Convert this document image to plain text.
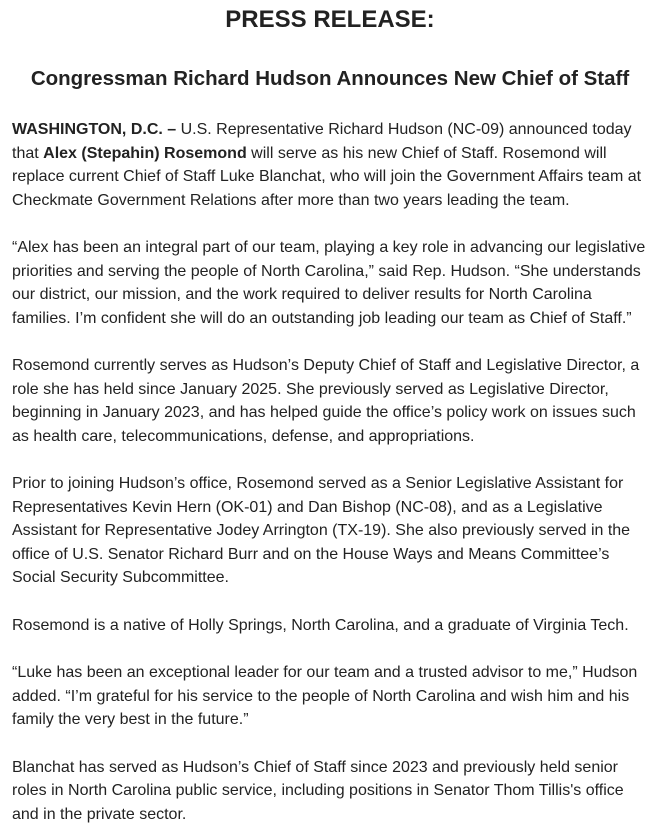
PRESS RELEASE:
Congressman Richard Hudson Announces New Chief of Staff

WASHINGTON, D.C. – U.S. Representative Richard Hudson (NC-09) announced today that Alex (Stepahin) Rosemond will serve as his new Chief of Staff. Rosemond will replace current Chief of Staff Luke Blanchat, who will join the Government Affairs team at Checkmate Government Relations after more than two years leading the team.

“Alex has been an integral part of our team, playing a key role in advancing our legislative priorities and serving the people of North Carolina,” said Rep. Hudson. “She understands our district, our mission, and the work required to deliver results for North Carolina families. I’m confident she will do an outstanding job leading our team as Chief of Staff.”

Rosemond currently serves as Hudson’s Deputy Chief of Staff and Legislative Director, a role she has held since January 2025. She previously served as Legislative Director, beginning in January 2023, and has helped guide the office’s policy work on issues such as health care, telecommunications, defense, and appropriations.

Prior to joining Hudson’s office, Rosemond served as a Senior Legislative Assistant for Representatives Kevin Hern (OK-01) and Dan Bishop (NC-08), and as a Legislative Assistant for Representative Jodey Arrington (TX-19). She also previously served in the office of U.S. Senator Richard Burr and on the House Ways and Means Committee’s Social Security Subcommittee.

Rosemond is a native of Holly Springs, North Carolina, and a graduate of Virginia Tech.

“Luke has been an exceptional leader for our team and a trusted advisor to me,” Hudson added. “I’m grateful for his service to the people of North Carolina and wish him and his family the very best in the future.”

Blanchat has served as Hudson’s Chief of Staff since 2023 and previously held senior roles in North Carolina public service, including positions in Senator Thom Tillis's office and in the private sector.
